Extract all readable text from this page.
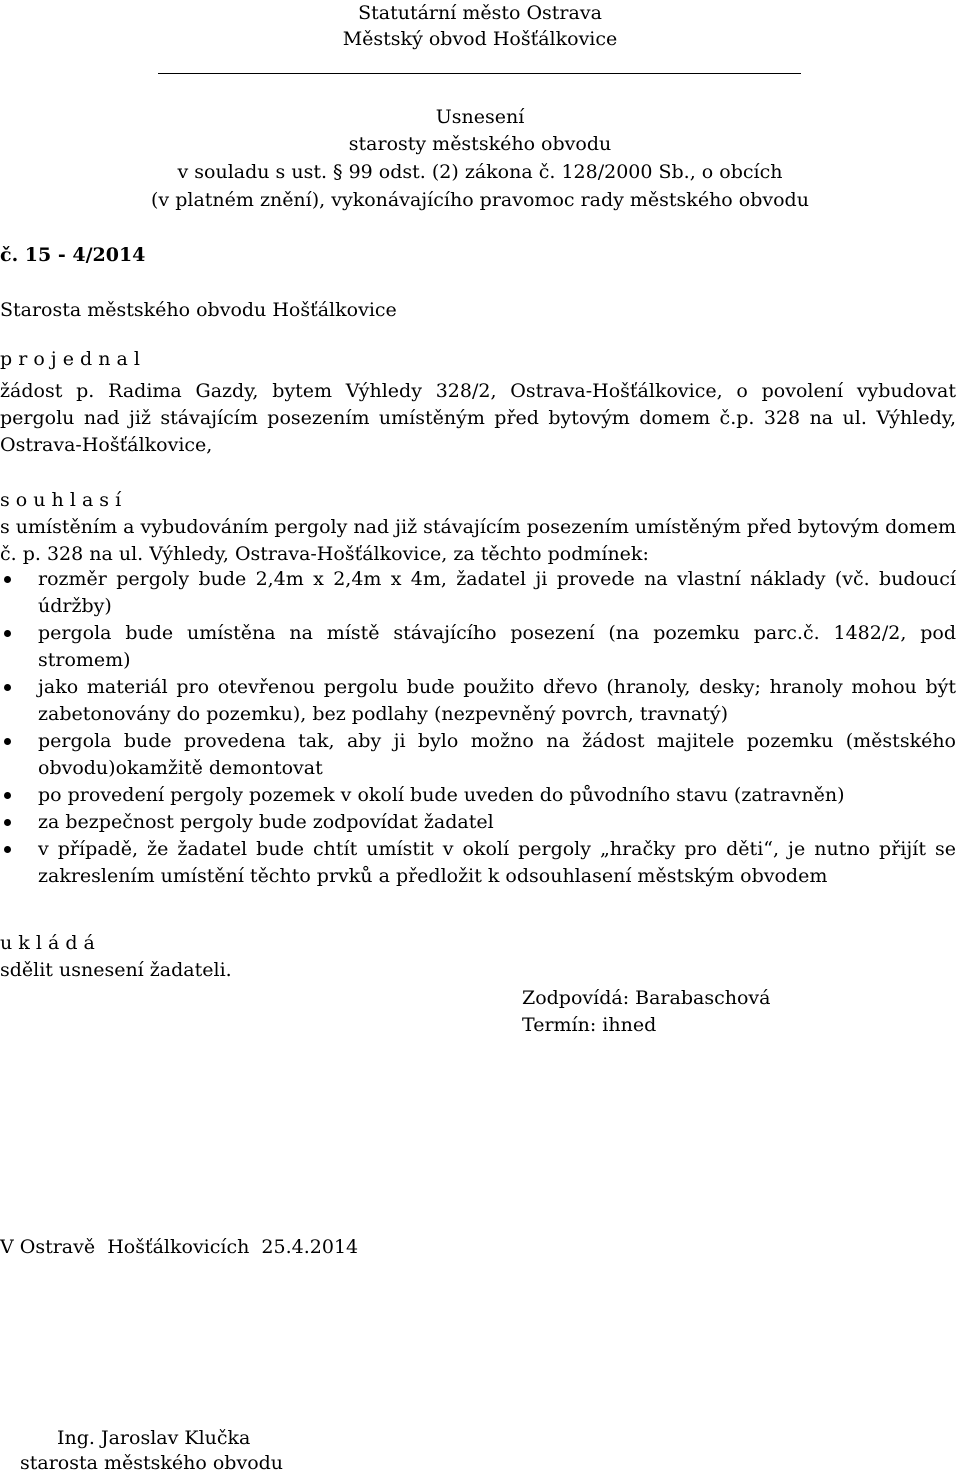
Statutární město Ostrava
Městský obvod Hošťálkovice
Usnesení
starosty městského obvodu
v souladu s ust. § 99 odst. (2) zákona č. 128/2000 Sb., o obcích
(v platném znění), vykonávajícího pravomoc rady městského obvodu
č. 15 - 4/2014
Starosta městského obvodu Hošťálkovice
p r o j e d n a l
žádost p. Radima Gazdy, bytem Výhledy 328/2, Ostrava-Hošťálkovice, o povolení vybudovat pergolu nad již stávajícím posezením umístěným před bytovým domem č.p. 328 na ul. Výhledy, Ostrava-Hošťálkovice,
s o u h l a s í
s umístěním a vybudováním pergoly nad již stávajícím posezením umístěným před bytovým domem č. p. 328 na ul. Výhledy, Ostrava-Hošťálkovice, za těchto podmínek:
rozměr pergoly bude 2,4m x 2,4m x 4m, žadatel ji provede na vlastní náklady (vč. budoucí údržby)
pergola bude umístěna na místě stávajícího posezení (na pozemku parc.č. 1482/2, pod stromem)
jako materiál pro otevřenou pergolu bude použito dřevo (hranoly, desky; hranoly mohou být zabetonovány do pozemku), bez podlahy (nezpevněný povrch, travnatý)
pergola bude provedena tak, aby ji bylo možno na žádost majitele pozemku (městského obvodu)okamžitě demontovat
po provedení pergoly pozemek v okolí bude uveden do původního stavu (zatravněn)
za bezpečnost pergoly bude zodpovídat žadatel
v případě, že žadatel bude chtít umístit v okolí pergoly „hračky pro děti“, je nutno přijít se zakreslením umístění těchto prvků a předložit k odsouhlasení městským obvodem
u k l á d á
sdělit usnesení žadateli.
Zodpovídá: Barabaschová
Termín: ihned
V Ostravě  Hošťálkovicích  25.4.2014
Ing. Jaroslav Klučka
starosta městského obvodu
